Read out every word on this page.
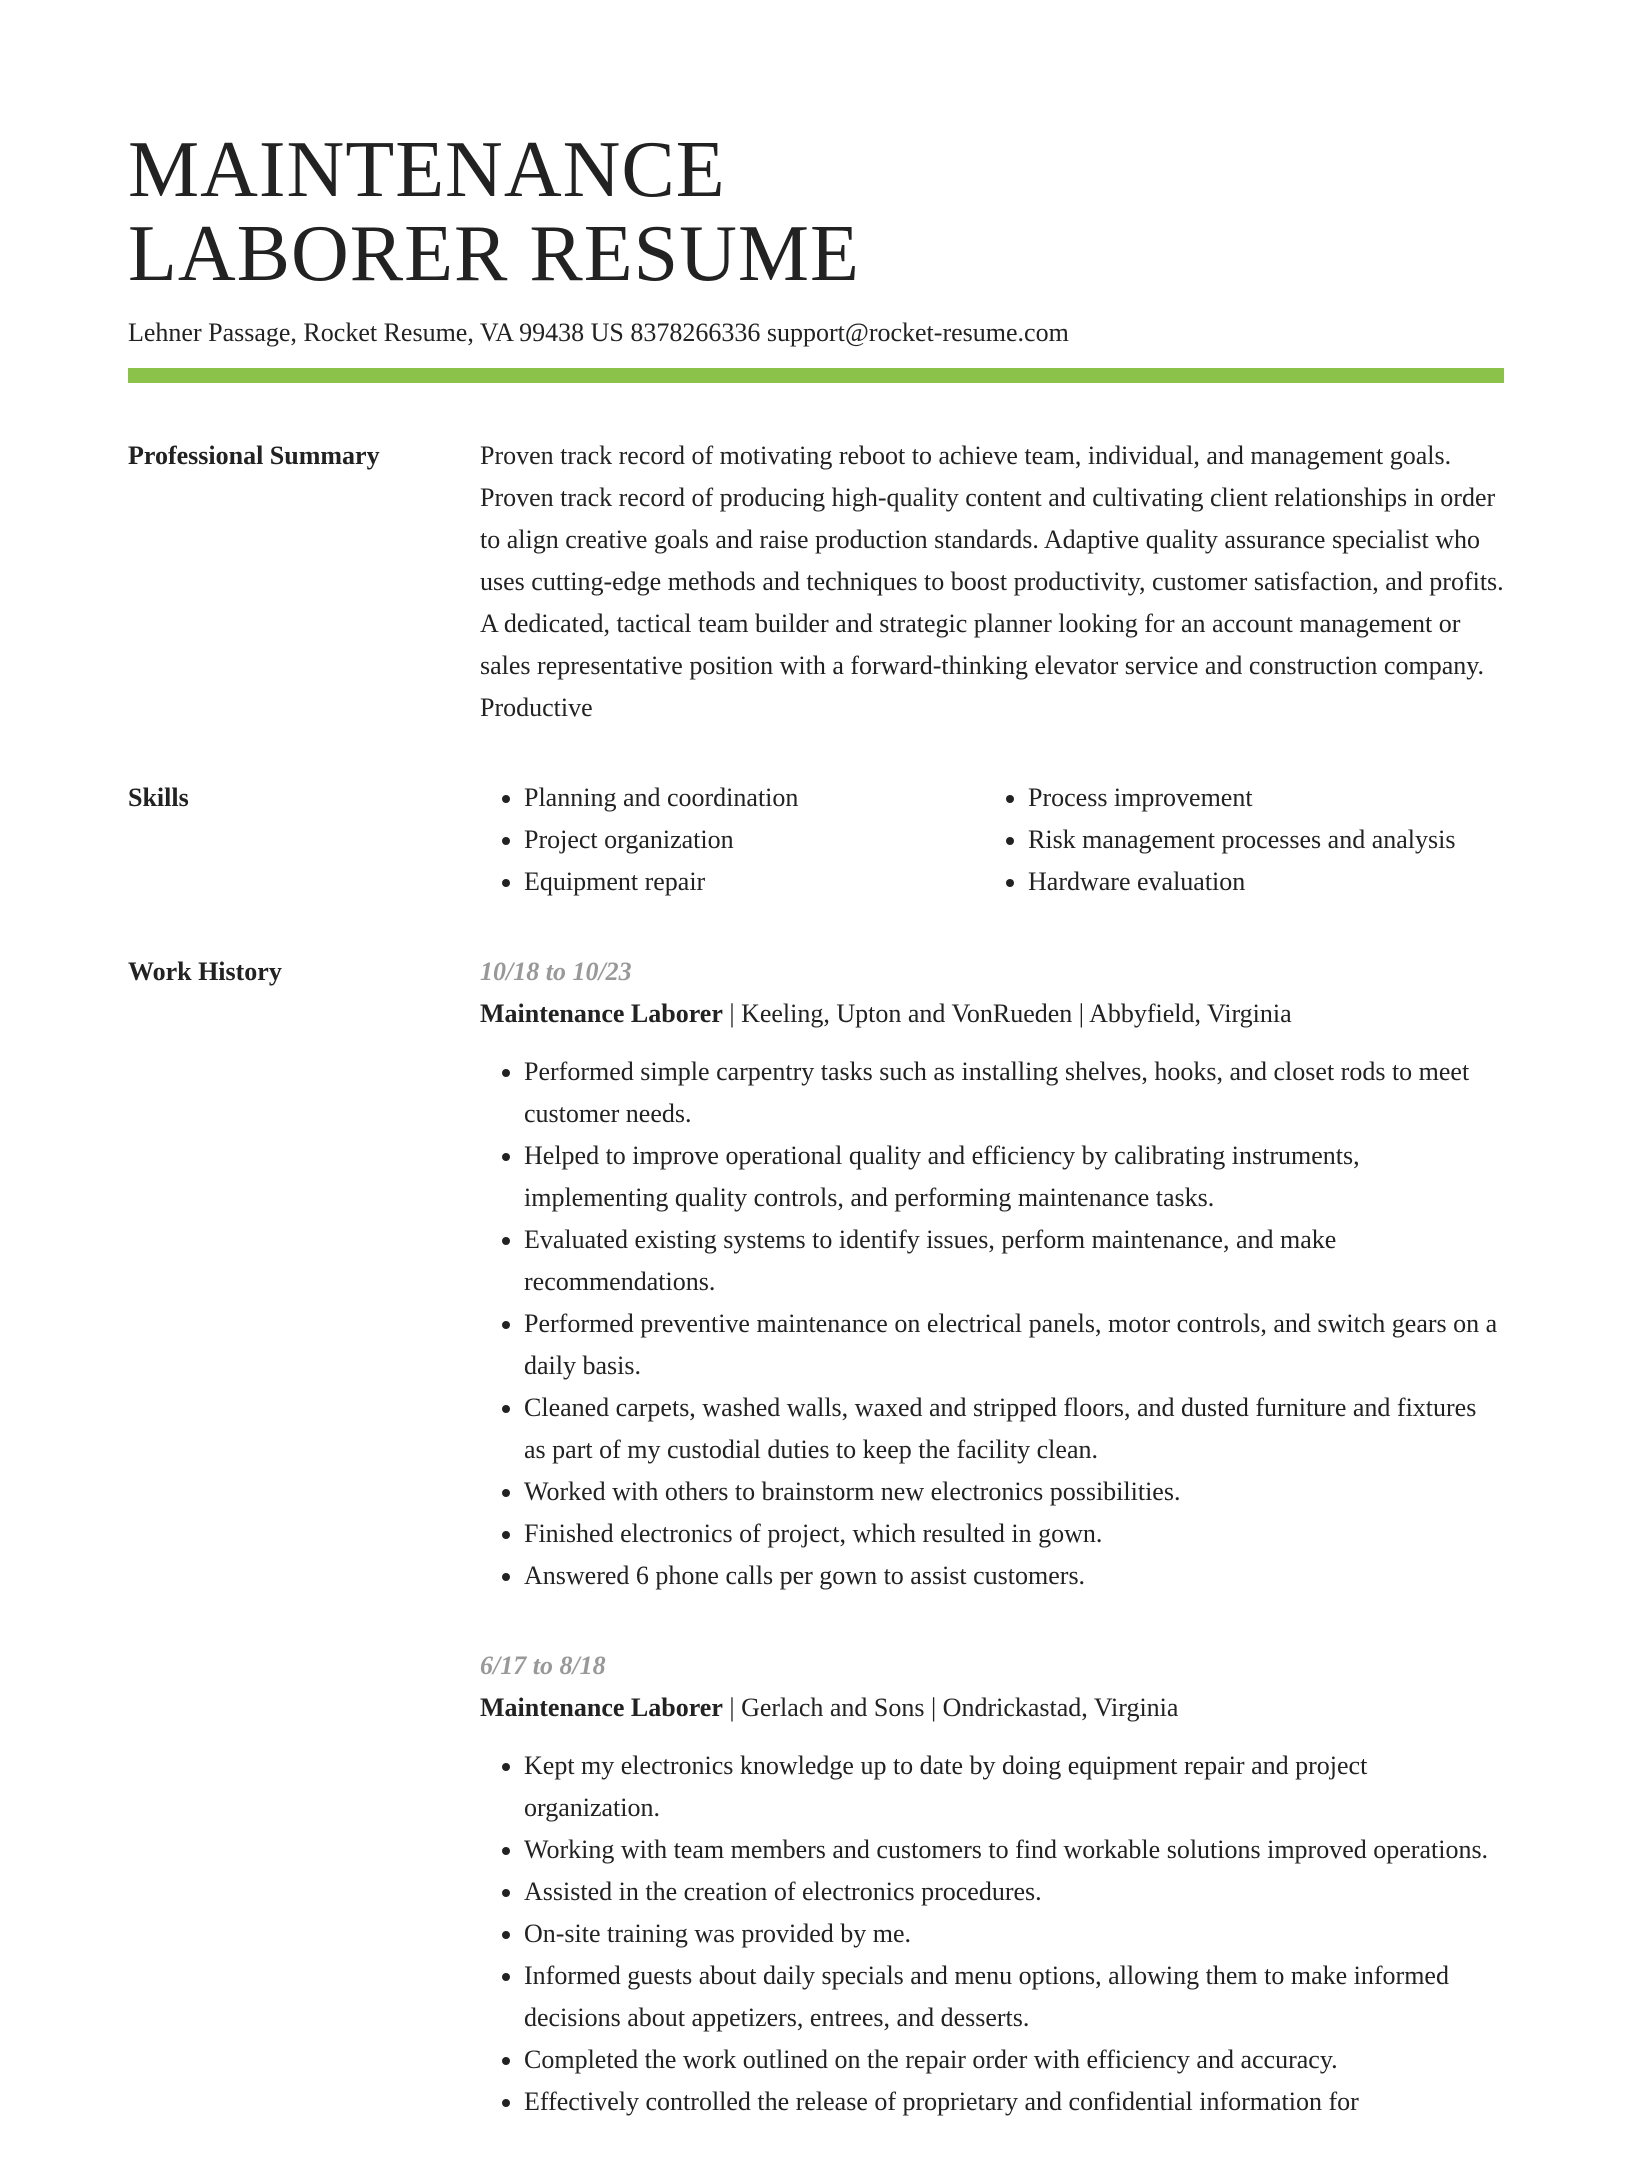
MAINTENANCE
LABORER RESUME
Lehner Passage, Rocket Resume, VA 99438 US 8378266336 support@rocket-resume.com
Professional Summary	Proven track record of motivating reboot to achieve team, individual, and management goals. Proven track record of producing high-quality content and cultivating client relationships in order to align creative goals and raise production standards. Adaptive quality assurance specialist who uses cutting-edge methods and techniques to boost productivity, customer satisfaction, and profits. A dedicated, tactical team builder and strategic planner looking for an account management or sales representative position with a forward-thinking elevator service and construction company. Productive

Skills
•	Planning and coordination
• Project organization
• Equipment repair
• Process improvement
• Risk management processes and analysis
• Hardware evaluation
Work History	10/18 to 10/23
Maintenance Laborer | Keeling, Upton and VonRueden | Abbyfield, Virginia
• Performed simple carpentry tasks such as installing shelves, hooks, and closet rods to meet customer needs.
• Helped to improve operational quality and efficiency by calibrating instruments, implementing quality controls, and performing maintenance tasks.
• Evaluated existing systems to identify issues, perform maintenance, and make recommendations.
• Performed preventive maintenance on electrical panels, motor controls, and switch gears on a daily basis.
• Cleaned carpets, washed walls, waxed and stripped floors, and dusted furniture and fixtures as part of my custodial duties to keep the facility clean.
• Worked with others to brainstorm new electronics possibilities.
• Finished electronics of project, which resulted in gown.
• Answered 6 phone calls per gown to assist customers.
6/17 to 8/18
Maintenance Laborer | Gerlach and Sons | Ondrickastad, Virginia
• Kept my electronics knowledge up to date by doing equipment repair and project organization.
• Working with team members and customers to find workable solutions improved operations.
• Assisted in the creation of electronics procedures.
• On-site training was provided by me.
• Informed guests about daily specials and menu options, allowing them to make informed decisions about appetizers, entrees, and desserts.
• Completed the work outlined on the repair order with efficiency and accuracy.
• Effectively controlled the release of proprietary and confidential information for
